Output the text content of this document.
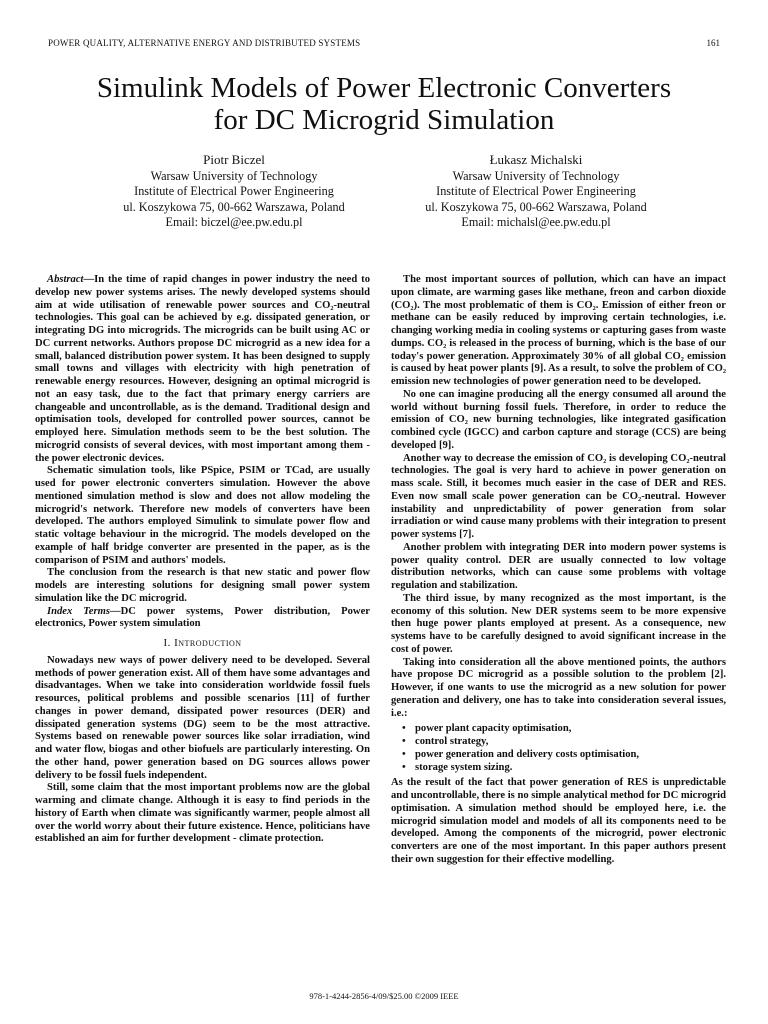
POWER QUALITY, ALTERNATIVE ENERGY AND DISTRIBUTED SYSTEMS	161
Simulink Models of Power Electronic Converters
for DC Microgrid Simulation
Piotr Biczel
Warsaw University of Technology
Institute of Electrical Power Engineering
ul. Koszykowa 75, 00-662 Warszawa, Poland
Email: biczel@ee.pw.edu.pl
Łukasz Michalski
Warsaw University of Technology
Institute of Electrical Power Engineering
ul. Koszykowa 75, 00-662 Warszawa, Poland
Email: michalsl@ee.pw.edu.pl

Abstract—In the time of rapid changes in power industry the need to develop new power systems arises. The newly developed systems should aim at wide utilisation of renewable power sources and CO₂-neutral technologies. This goal can be achieved by e.g. dissipated generation, or integrating DG into microgrids. The microgrids can be built using AC or DC current networks. Authors propose DC microgrid as a new idea for a small, balanced distribution power system. It has been designed to supply small towns and villages with electricity with high penetration of renewable energy resources. However, designing an optimal microgrid is not an easy task, due to the fact that primary energy carriers are changeable and uncontrollable, as is the demand. Traditional design and optimisation tools, developed for controlled power sources, cannot be employed here. Simulation methods seem to be the best solution. The microgrid consists of several devices, with most important among them - the power electronic devices.

Schematic simulation tools, like PSpice, PSIM or TCad, are usually used for power electronic converters simulation. However the above mentioned simulation method is slow and does not allow modeling the microgrid's network. Therefore new models of converters have been developed. The authors employed Simulink to simulate power flow and static voltage behaviour in the microgrid. The models developed on the example of half bridge converter are presented in the paper, as is the comparison of PSIM and authors' models.

The conclusion from the research is that new static and power flow models are interesting solutions for designing small power system simulation like the DC microgrid.

Index Terms—DC power systems, Power distribution, Power electronics, Power system simulation

I. Introduction

Nowadays new ways of power delivery need to be developed. Several methods of power generation exist. All of them have some advantages and disadvantages. When we take into consideration worldwide fossil fuels resources, political problems and possible scenarios [11] of further changes in power demand, dissipated power resources (DER) and dissipated generation systems (DG) seem to be the most attractive. Systems based on renewable power sources like solar irradiation, wind and water flow, biogas and other biofuels are particularly interesting. On the other hand, power generation based on DG sources allows power delivery to be fossil fuels independent.

Still, some claim that the most important problems now are the global warming and climate change. Although it is easy to find periods in the history of Earth when climate was significantly warmer, people almost all over the world worry about their future existence. Hence, politicians have established an aim for further development - climate protection.

The most important sources of pollution, which can have an impact upon climate, are warming gases like methane, freon and carbon dioxide (CO₂). The most problematic of them is CO₂. Emission of either freon or methane can be easily reduced by improving certain technologies, i.e. changing working media in cooling systems or capturing gases from waste dumps. CO₂ is released in the process of burning, which is the base of our today's power generation. Approximately 30% of all global CO₂ emission is caused by heat power plants [9]. As a result, to solve the problem of CO₂ emission new technologies of power generation need to be developed.

No one can imagine producing all the energy consumed all around the world without burning fossil fuels. Therefore, in order to reduce the emission of CO₂ new burning technologies, like integrated gasification combined cycle (IGCC) and carbon capture and storage (CCS) are being developed [9].

Another way to decrease the emission of CO₂ is developing CO₂-neutral technologies. The goal is very hard to achieve in power generation on mass scale. Still, it becomes much easier in the case of DER and RES. Even now small scale power generation can be CO₂-neutral. However instability and unpredictability of power generation from solar irradiation or wind cause many problems with their integration to present power systems [7].

Another problem with integrating DER into modern power systems is power quality control. DER are usually connected to low voltage distribution networks, which can cause some problems with voltage regulation and stabilization.

The third issue, by many recognized as the most important, is the economy of this solution. New DER systems seem to be more expensive then huge power plants employed at present. As a consequence, new systems have to be carefully designed to avoid significant increase in the cost of power.

Taking into consideration all the above mentioned points, the authors have propose DC microgrid as a possible solution to the problem [2]. However, if one wants to use the microgrid as a new solution for power generation and delivery, one has to take into consideration several issues, i.e.:

• power plant capacity optimisation,
• control strategy,
• power generation and delivery costs optimisation,
• storage system sizing.

As the result of the fact that power generation of RES is unpredictable and uncontrollable, there is no simple analytical method for DC microgrid optimisation. A simulation method should be employed here, i.e. the microgrid simulation model and models of all its components need to be developed. Among the components of the microgrid, power electronic converters are one of the most important. In this paper authors present their own suggestion for their effective modelling.

978-1-4244-2856-4/09/$25.00 ©2009 IEEE
